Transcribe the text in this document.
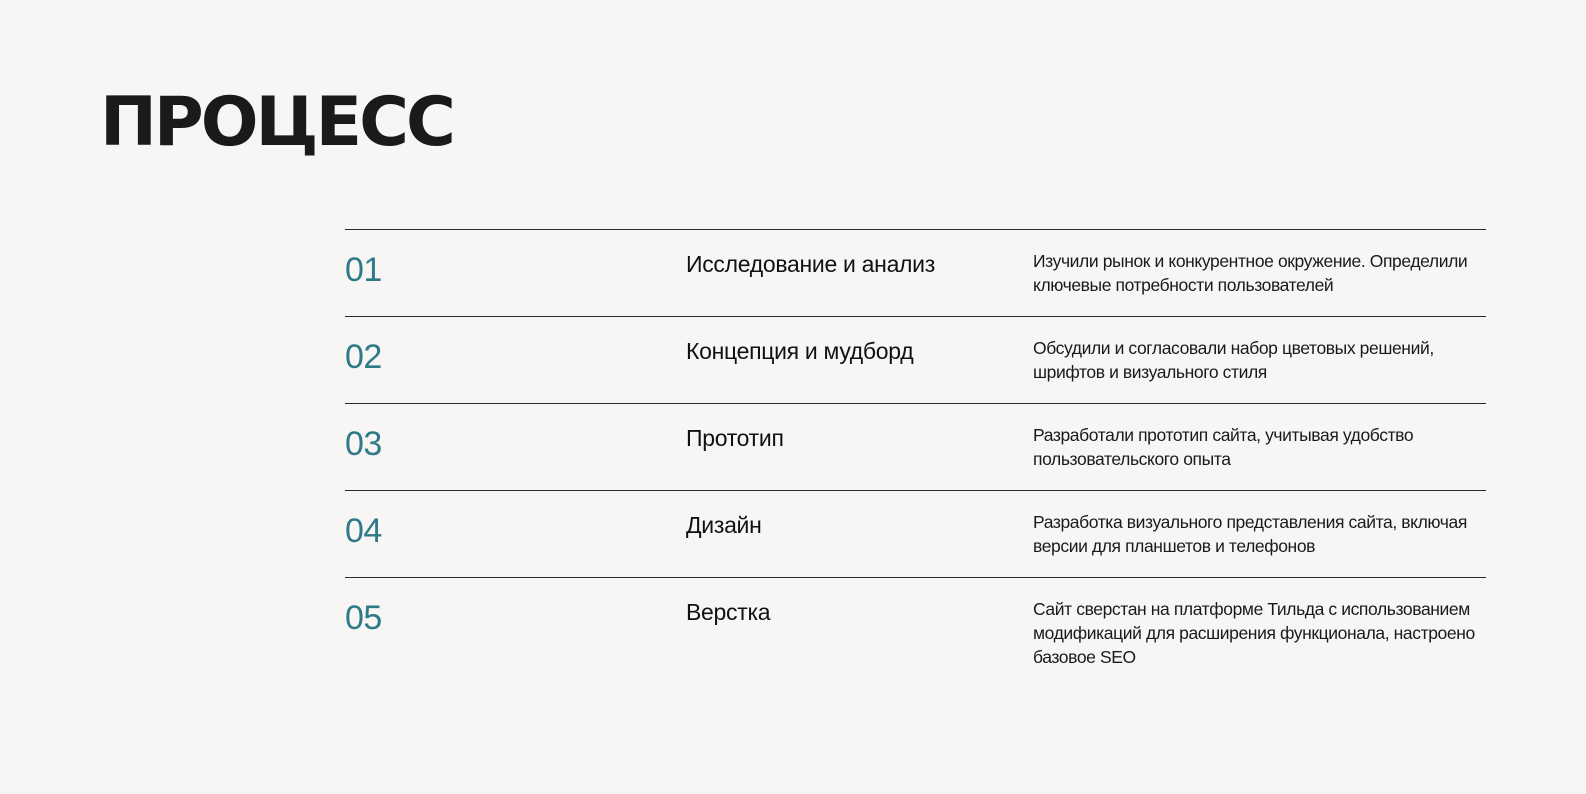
ПРОЦЕСС
01	Исследование и анализ	Изучили рынок и конкурентное окружение. Определили ключевые потребности пользователей
02	Концепция и мудборд	Обсудили и согласовали набор цветовых решений, шрифтов и визуального стиля
03	Прототип	Разработали прототип сайта, учитывая удобство пользовательского опыта
04	Дизайн	Разработка визуального представления сайта, включая версии для планшетов и телефонов
05	Верстка	Сайт сверстан на платформе Тильда с использованием модификаций для расширения функционала, настроено базовое SEO
